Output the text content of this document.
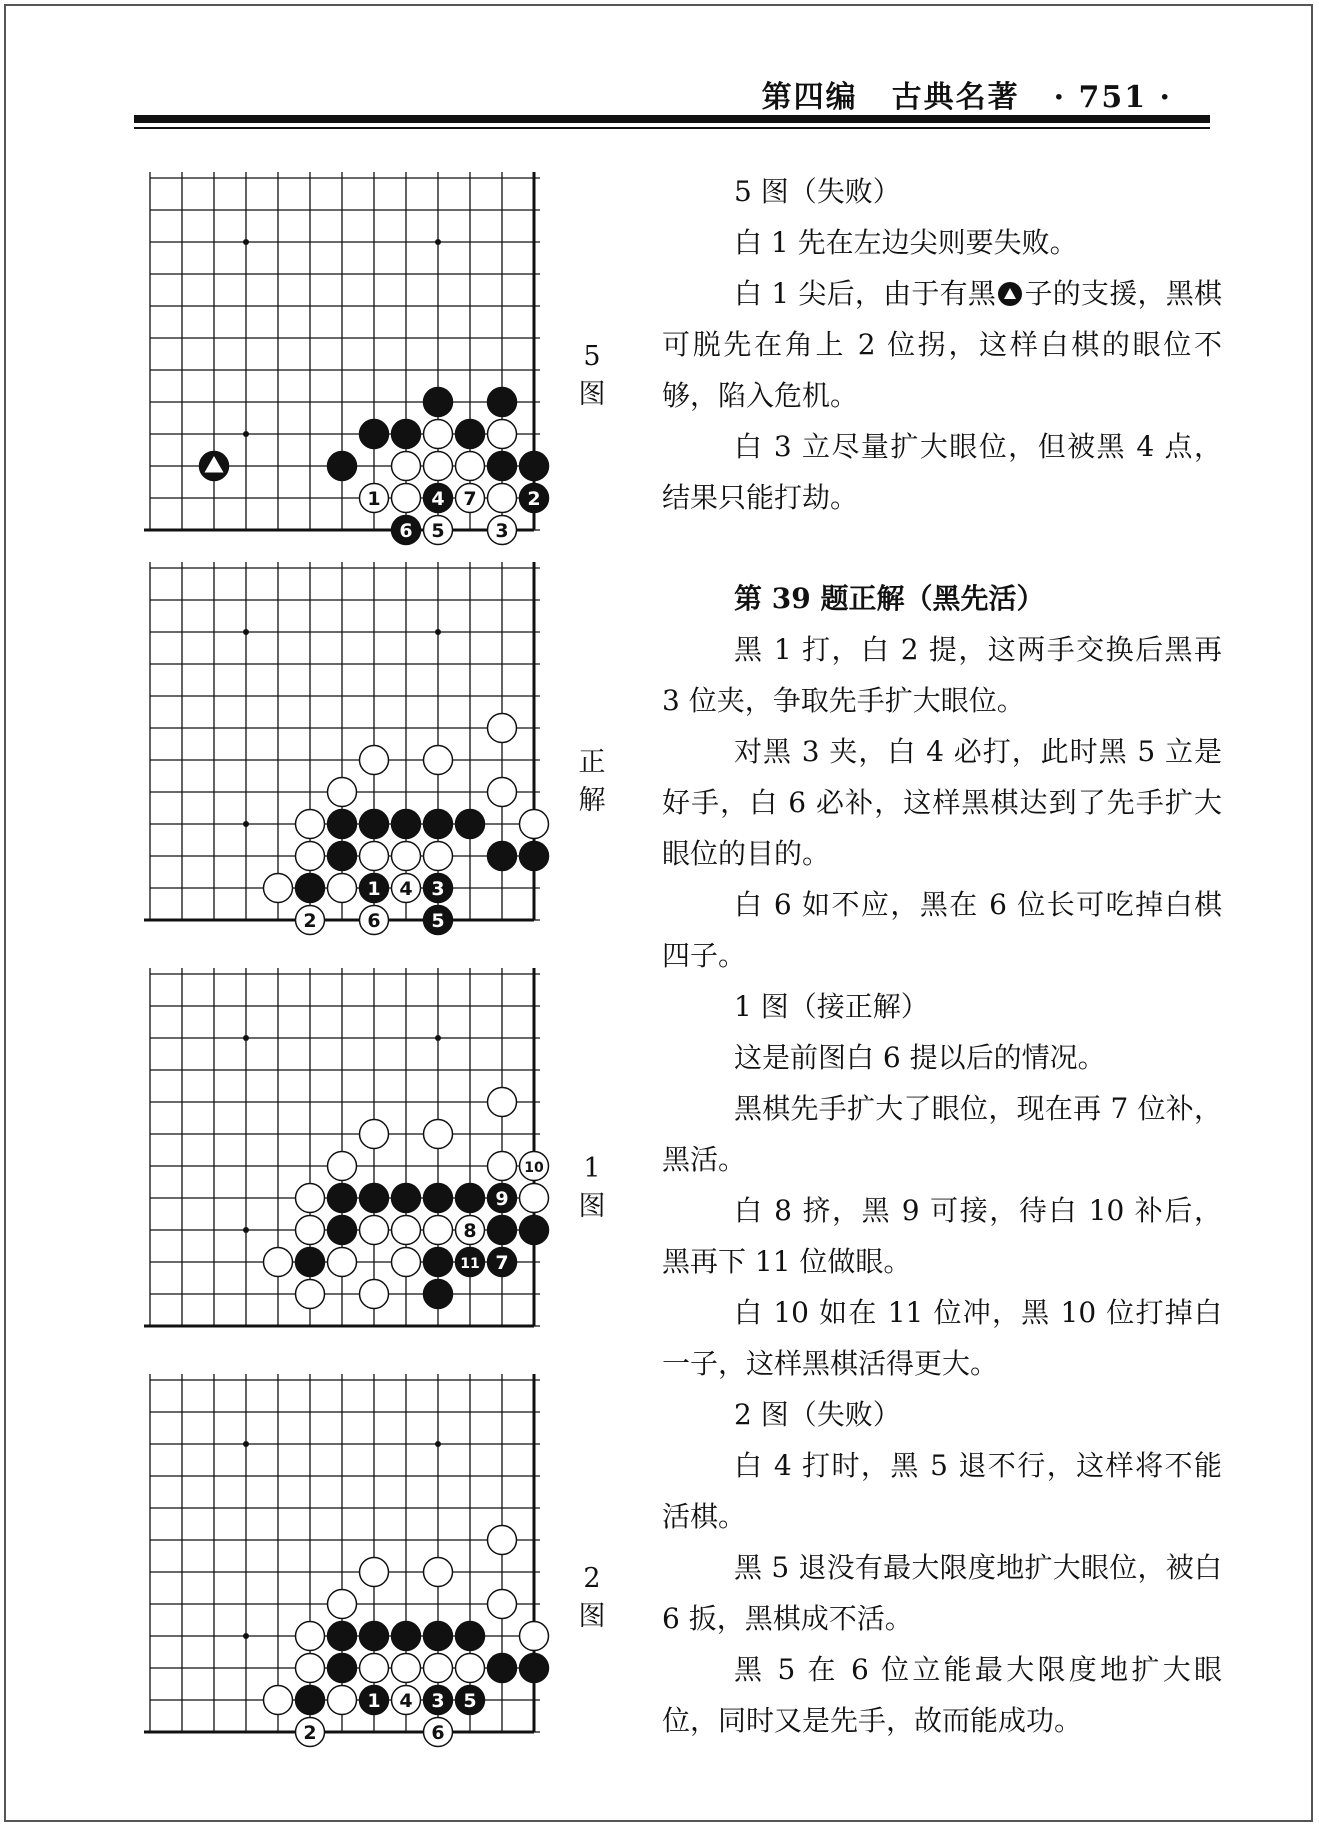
第四编 古典名著 · 751 ·
1	4 7	2
6 5	3
5
图
1 4 3
2	6	5
正
解
10
9
8
11 7
1
图
1 4 3 5
2	6
2
图

5 图（失败）

白 1 先在左边尖则要失败。

白 1 尖后，由于有黑 子的支援，黑棋可脱先在角上 2 位拐，这样白棋的眼位不够，陷入危机。

白 3 立尽量扩大眼位，但被黑 4 点，结果只能打劫。

第 39 题正解（黑先活）

黑 1 打，白 2 提，这两手交换后黑再 3 位夹，争取先手扩大眼位。

对黑 3 夹，白 4 必打，此时黑 5 立是好手，白 6 必补，这样黑棋达到了先手扩大眼位的目的。

白 6 如不应，黑在 6 位长可吃掉白棋四子。

1 图（接正解）

这是前图白 6 提以后的情况。

黑棋先手扩大了眼位，现在再 7 位补，黑活。

白 8 挤，黑 9 可接，待白 10 补后，黑再下 11 位做眼。

白 10 如在 11 位冲，黑 10 位打掉白一子，这样黑棋活得更大。

2 图（失败）

白 4 打时，黑 5 退不行，这样将不能活棋。

黑 5 退没有最大限度地扩大眼位，被白 6 扳，黑棋成不活。

黑 5 在 6 位立能最大限度地扩大眼位，同时又是先手，故而能成功。
